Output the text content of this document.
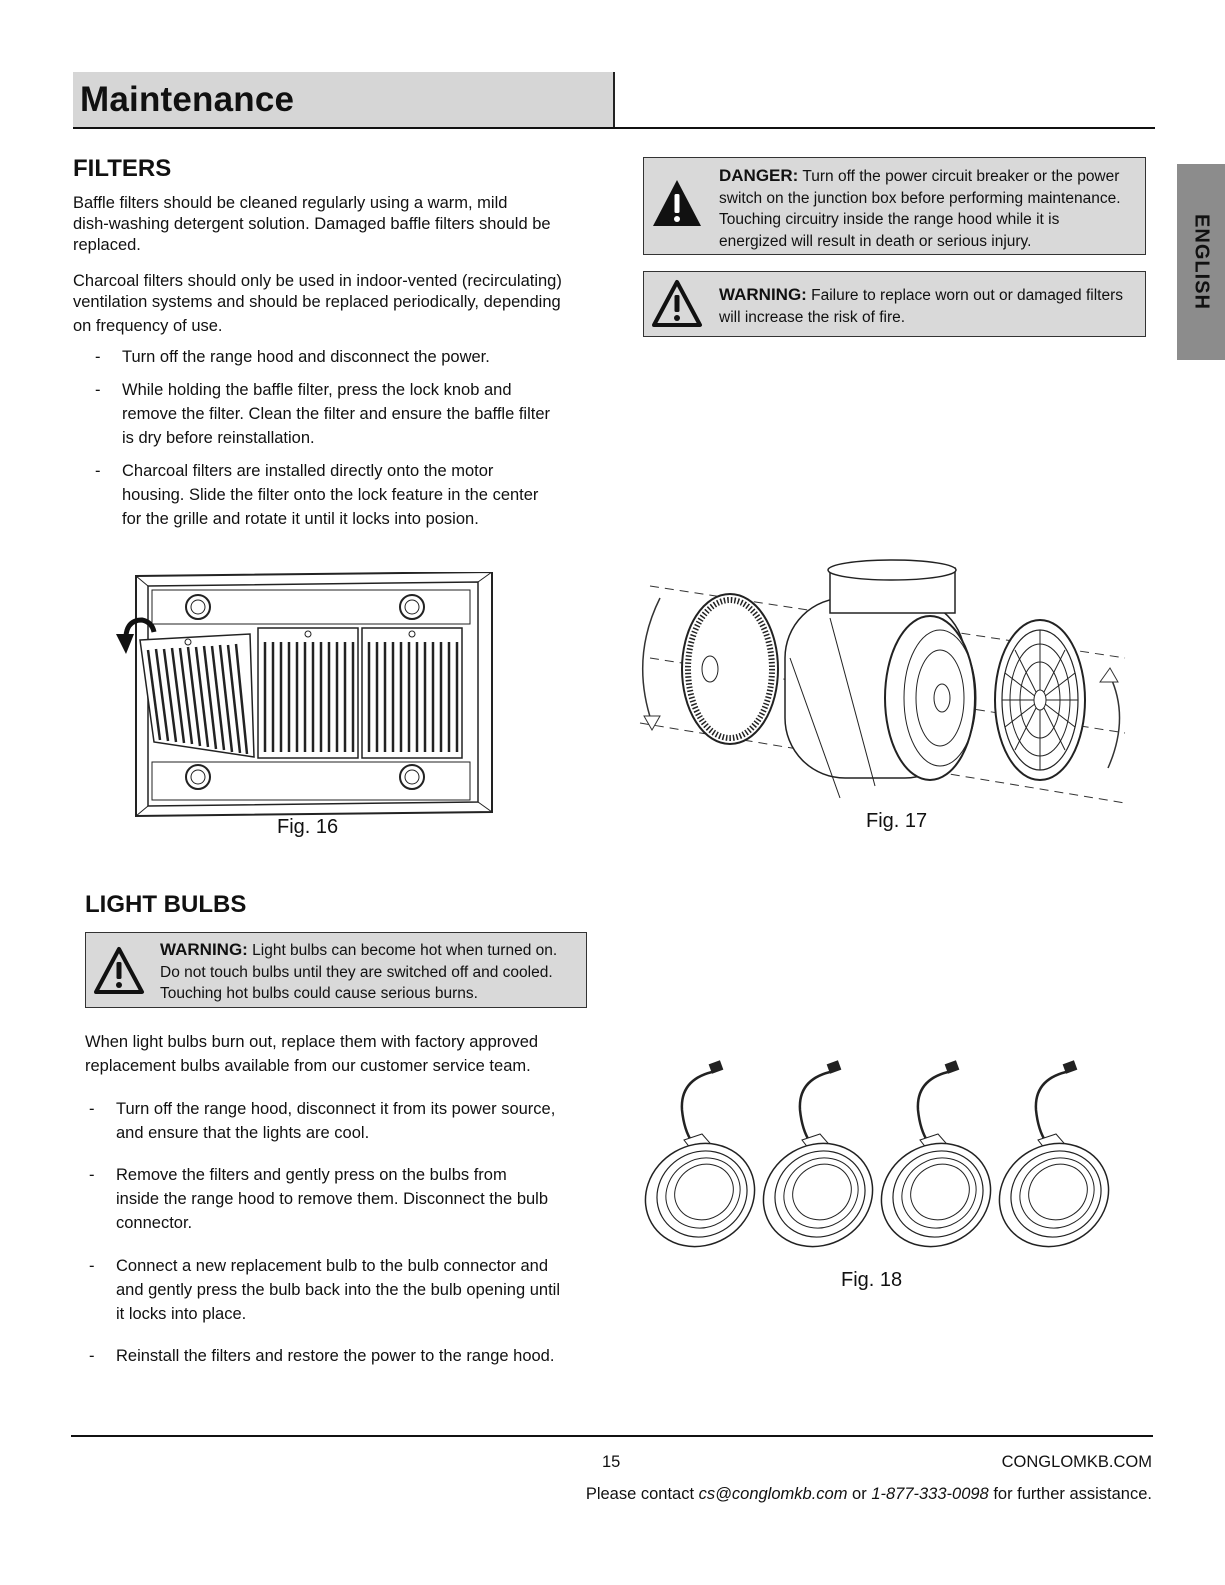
Maintenance
ENGLISH
FILTERS
Baffle filters should be cleaned regularly using a warm, mild
dish-washing detergent solution. Damaged baffle filters should be
replaced.
Charcoal filters should only be used in indoor-vented (recirculating)
ventilation systems and should be replaced periodically, depending
on frequency of use.
- Turn off the range hood and disconnect the power.
- While holding the baffle filter, press the lock knob and
remove the filter. Clean the filter and ensure the baffle filter
is dry before reinstallation.
- Charcoal filters are installed directly onto the motor
housing. Slide the filter onto the lock feature in the center
for the grille and rotate it until it locks into posion.
DANGER: Turn off the power circuit breaker or the power
switch on the junction box before performing maintenance.
Touching circuitry inside the range hood while it is
energized will result in death or serious injury.
WARNING: Failure to replace worn out or damaged filters
will increase the risk of fire.
Fig. 16	Fig. 17
LIGHT BULBS
WARNING: Light bulbs can become hot when turned on.
Do not touch bulbs until they are switched off and cooled.
Touching hot bulbs could cause serious burns.
When light bulbs burn out, replace them with factory approved
replacement bulbs available from our customer service team.
- Turn off the range hood, disconnect it from its power source,
and ensure that the lights are cool.
- Remove the filters and gently press on the bulbs from
inside the range hood to remove them. Disconnect the bulb
connector.
- Connect a new replacement bulb to the bulb connector and
and gently press the bulb back into the the bulb opening until
it locks into place.
- Reinstall the filters and restore the power to the range hood.
Fig. 18
15	CONGLOMKB.COM
Please contact cs@conglomkb.com or 1-877-333-0098 for further assistance.
